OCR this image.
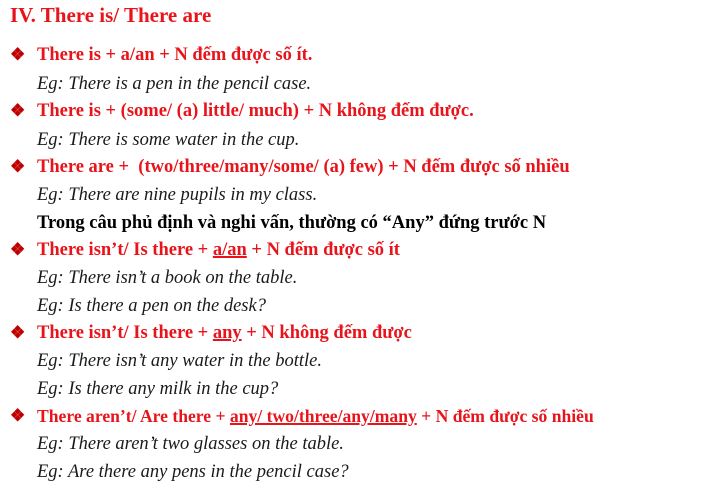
IV. There is/ There are
❖ There is + a/an + N đếm được số ít.
Eg: There is a pen in the pencil case.
❖ There is + (some/ (a) little/ much) + N không đếm được.
Eg: There is some water in the cup.
❖ There are +  (two/three/many/some/ (a) few) + N đếm được số nhiều
Eg: There are nine pupils in my class.
Trong câu phủ định và nghi vấn, thường có “Any” đứng trước N
❖ There isn’t/ Is there + a/an + N đếm được số ít
Eg: There isn’t a book on the table.
Eg: Is there a pen on the desk?
❖ There isn’t/ Is there + any + N không đếm được
Eg: There isn’t any water in the bottle.
Eg: Is there any milk in the cup?
❖ There aren’t/ Are there + any/ two/three/any/many + N đếm được số nhiều
Eg: There aren’t two glasses on the table.
Eg: Are there any pens in the pencil case?
